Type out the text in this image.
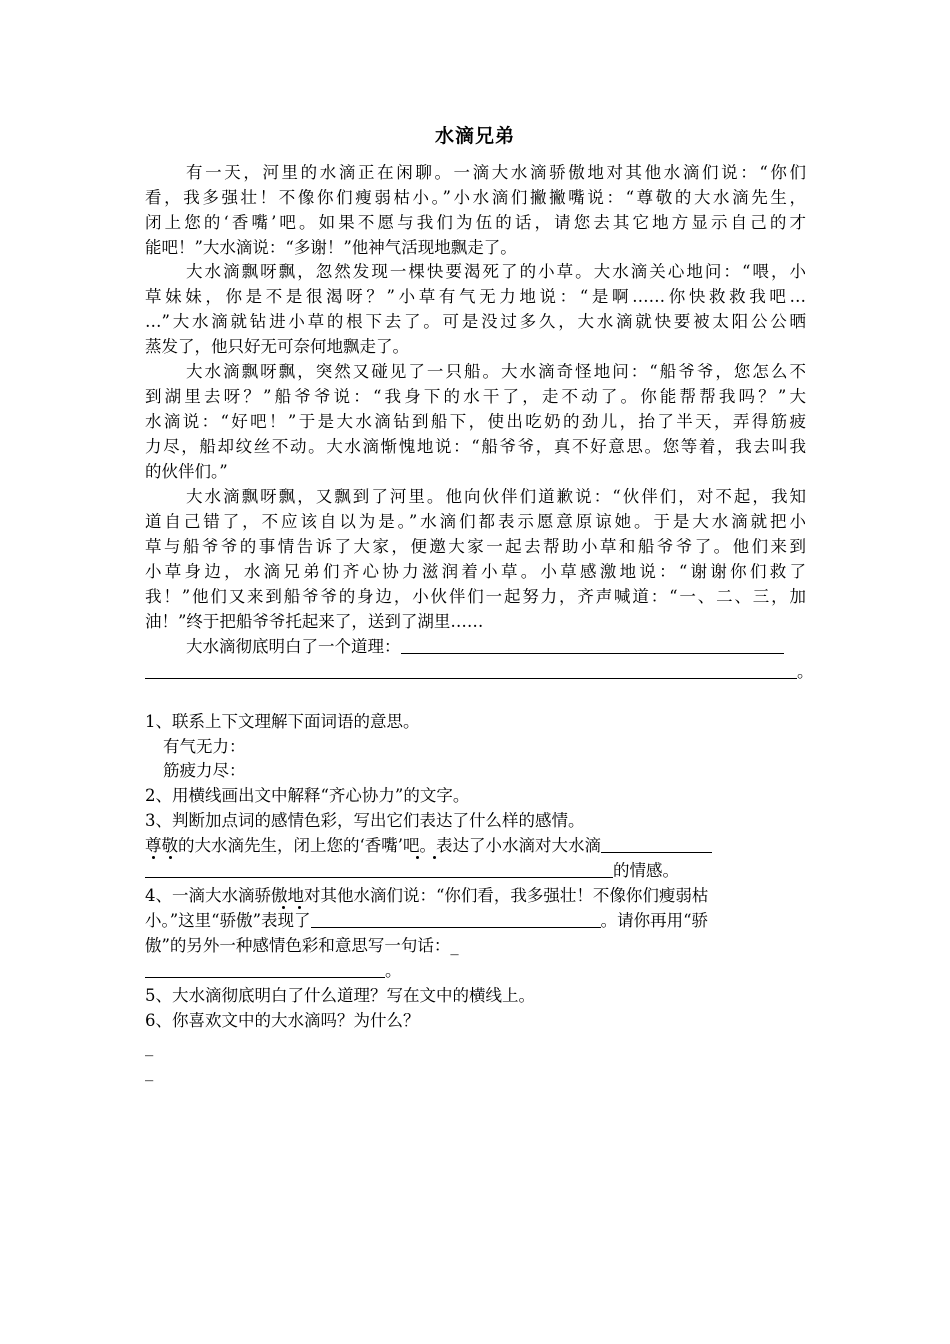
水滴兄弟
有一天，河里的水滴正在闲聊。一滴大水滴骄傲地对其他水滴们说：“你们
看，我多强壮！不像你们瘦弱枯小。”小水滴们撇撇嘴说：“尊敬的大水滴先生，
闭上您的‘香嘴’吧。如果不愿与我们为伍的话，请您去其它地方显示自己的才
能吧！”大水滴说：“多谢！”他神气活现地飘走了。
大水滴飘呀飘，忽然发现一棵快要渴死了的小草。大水滴关心地问：“喂，小
草妹妹，你是不是很渴呀？”小草有气无力地说：“是啊……你快救救我吧…
…”大水滴就钻进小草的根下去了。可是没过多久，大水滴就快要被太阳公公晒
蒸发了，他只好无可奈何地飘走了。
大水滴飘呀飘，突然又碰见了一只船。大水滴奇怪地问：“船爷爷，您怎么不
到湖里去呀？”船爷爷说：“我身下的水干了，走不动了。你能帮帮我吗？”大
水滴说：“好吧！”于是大水滴钻到船下，使出吃奶的劲儿，抬了半天，弄得筋疲
力尽，船却纹丝不动。大水滴惭愧地说：“船爷爷，真不好意思。您等着，我去叫我
的伙伴们。”
大水滴飘呀飘，又飘到了河里。他向伙伴们道歉说：“伙伴们，对不起，我知
道自己错了，不应该自以为是。”水滴们都表示愿意原谅她。于是大水滴就把小
草与船爷爷的事情告诉了大家，便邀大家一起去帮助小草和船爷爷了。他们来到
小草身边，水滴兄弟们齐心协力滋润着小草。小草感激地说：“谢谢你们救了
我！”他们又来到船爷爷的身边，小伙伴们一起努力，齐声喊道：“一、二、三，加
油！”终于把船爷爷托起来了，送到了湖里……
大水滴彻底明白了一个道理：
。
1、联系上下文理解下面词语的意思。
有气无力：
筋疲力尽：
2、用横线画出文中解释“齐心协力”的文字。
3、判断加点词的感情色彩，写出它们表达了什么样的感情。
尊敬的大水滴先生，闭上您的‘香嘴’吧。表达了小水滴对大水滴
的情感。
4、一滴大水滴骄傲地对其他水滴们说：“你们看，我多强壮！不像你们瘦弱枯
小。”这里“骄傲”表现了	。请你再用“骄
傲”的另外一种感情色彩和意思写一句话：_
。
5、大水滴彻底明白了什么道理？写在文中的横线上。
6、你喜欢文中的大水滴吗？为什么？
_
_
